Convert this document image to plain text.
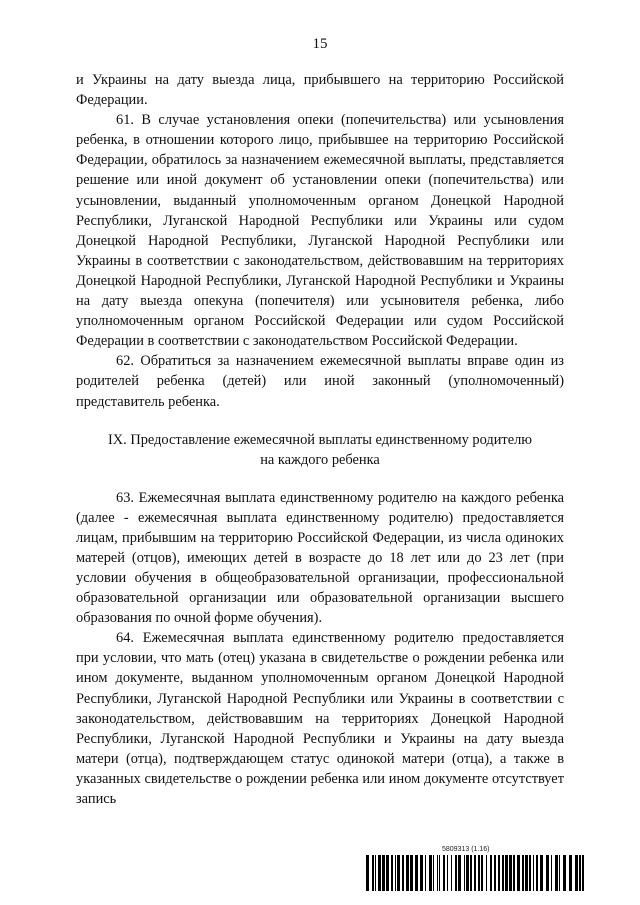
15

и Украины на дату выезда лица, прибывшего на территорию Российской Федерации.

61. В случае установления опеки (попечительства) или усыновления ребенка, в отношении которого лицо, прибывшее на территорию Российской Федерации, обратилось за назначением ежемесячной выплаты, представляется решение или иной документ об установлении опеки (попечительства) или усыновлении, выданный уполномоченным органом Донецкой Народной Республики, Луганской Народной Республики или Украины или судом Донецкой Народной Республики, Луганской Народной Республики или Украины в соответствии с законодательством, действовавшим на территориях Донецкой Народной Республики, Луганской Народной Республики и Украины на дату выезда опекуна (попечителя) или усыновителя ребенка, либо уполномоченным органом Российской Федерации или судом Российской Федерации в соответствии с законодательством Российской Федерации.

62. Обратиться за назначением ежемесячной выплаты вправе один из родителей ребенка (детей) или иной законный (уполномоченный) представитель ребенка.

IX. Предоставление ежемесячной выплаты единственному родителю
на каждого ребенка

63. Ежемесячная выплата единственному родителю на каждого ребенка (далее - ежемесячная выплата единственному родителю) предоставляется лицам, прибывшим на территорию Российской Федерации, из числа одиноких матерей (отцов), имеющих детей в возрасте до 18 лет или до 23 лет (при условии обучения в общеобразовательной организации, профессиональной образовательной организации или образовательной организации высшего образования по очной форме обучения).

64. Ежемесячная выплата единственному родителю предоставляется при условии, что мать (отец) указана в свидетельстве о рождении ребенка или ином документе, выданном уполномоченным органом Донецкой Народной Республики, Луганской Народной Республики или Украины в соответствии с законодательством, действовавшим на территориях Донецкой Народной Республики, Луганской Народной Республики и Украины на дату выезда матери (отца), подтверждающем статус одинокой матери (отца), а также в указанных свидетельстве о рождении ребенка или ином документе отсутствует запись

5809313 (1.16)
